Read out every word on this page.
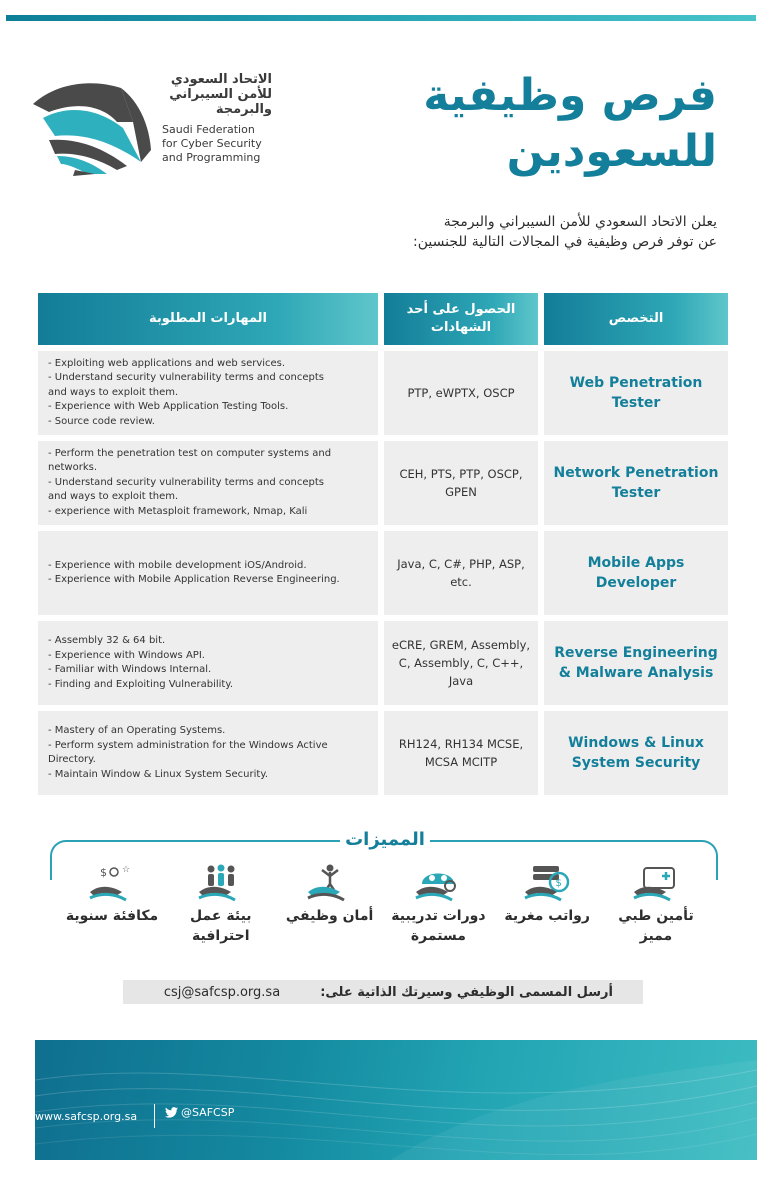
الاتحاد السعودي
للأمن السيبراني
والبرمجة
Saudi Federation
for Cyber Security
and Programming
فرص وظيفية
للسعودين
يعلن الاتحاد السعودي للأمن السيبراني والبرمجة
عن توفر فرص وظيفية في المجالات التالية للجنسين:
التخصص
الحصول على أحد الشهادات
المهارات المطلوبة
Web Penetration Tester
PTP, eWPTX, OSCP
- Exploiting web applications and web services.
- Understand security vulnerability terms and concepts
and ways to exploit them.
- Experience with Web Application Testing Tools.
- Source code review.
Network Penetration Tester
CEH, PTS, PTP, OSCP, GPEN
- Perform the penetration test on computer systems and
networks.
- Understand security vulnerability terms and concepts
and ways to exploit them.
- experience with Metasploit framework, Nmap, Kali
Mobile Apps Developer
Java, C, C#, PHP, ASP, etc.
- Experience with mobile development iOS/Android.
- Experience with Mobile Application Reverse Engineering.
Reverse Engineering & Malware Analysis
eCRE, GREM, Assembly, C, Assembly, C, C++, Java
- Assembly 32 & 64 bit.
- Experience with Windows API.
- Familiar with Windows Internal.
- Finding and Exploiting Vulnerability.
Windows & Linux System Security
RH124, RH134 MCSE, MCSA MCITP
- Mastery of an Operating Systems.
- Perform system administration for the Windows Active
Directory.
- Maintain Window & Linux System Security.
المميزات
تأمين طبي مميز
$
رواتب مغرية
دورات تدريبية مستمرة
أمان وظيفي
بيئة عمل احترافية
$ ☆
مكافئة سنوية
أرسل المسمى الوظيفي وسيرتك الذاتية على:
csj@safcsp.org.sa
www.safcsp.org.sa	@SAFCSP
